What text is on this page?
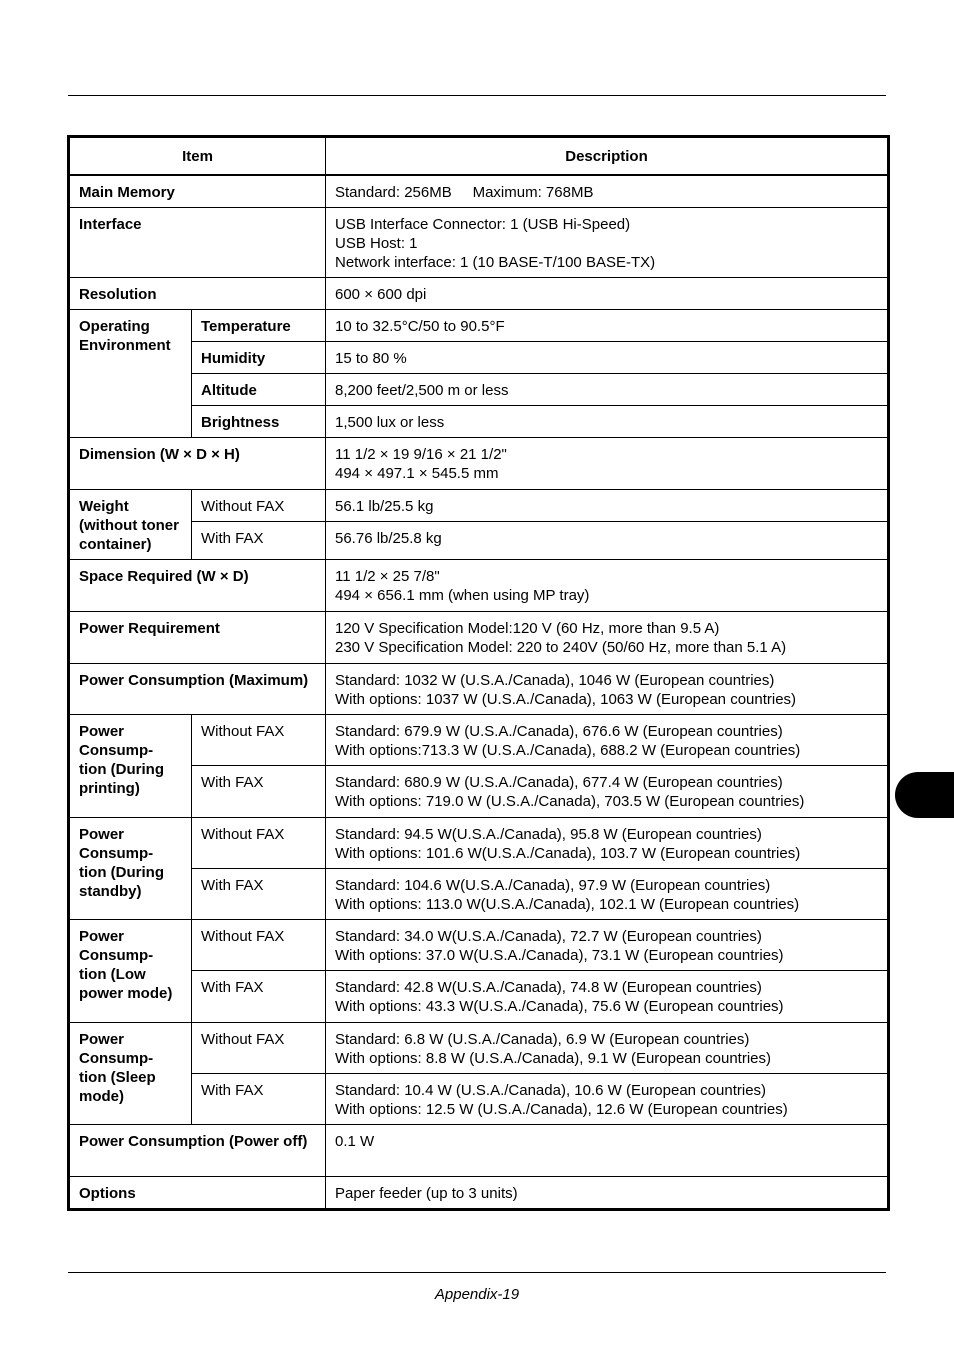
Item		Description
Main Memory		Standard: 256MB     Maximum: 768MB
Interface		USB Interface Connector: 1 (USB Hi-Speed)
USB Host: 1
Network interface: 1 (10 BASE-T/100 BASE-TX)

Resolution		600 × 600 dpi
Operating Environment	Temperature	10 to 32.5°C/50 to 90.5°F
	Humidity	15 to 80 %
	Altitude	8,200 feet/2,500 m or less
	Brightness	1,500 lux or less
Dimension (W × D × H)		11 1/2 × 19 9/16 × 21 1/2"
494 × 497.1 × 545.5 mm

Weight (without toner container)	Without FAX	56.1 lb/25.5 kg
	With FAX	56.76 lb/25.8 kg
Space Required (W × D)		11 1/2 × 25 7/8"
494 × 656.1 mm (when using MP tray)

Power Requirement		120 V Specification Model:120 V (60 Hz, more than 9.5 A)
230 V Specification Model: 220 to 240V (50/60 Hz, more than 5.1 A)

Power Consumption (Maximum)		Standard: 1032 W (U.S.A./Canada), 1046 W (European countries)
With options: 1037 W (U.S.A./Canada), 1063 W (European countries)

Power Consump- tion (During printing)	Without FAX	Standard: 679.9 W (U.S.A./Canada), 676.6 W (European countries)
With options:713.3 W (U.S.A./Canada), 688.2 W (European countries)

	With FAX	Standard: 680.9 W (U.S.A./Canada), 677.4 W (European countries)
With options: 719.0 W (U.S.A./Canada), 703.5 W (European countries)

Power Consump- tion (During standby)	Without FAX	Standard: 94.5 W(U.S.A./Canada), 95.8 W (European countries)
With options: 101.6 W(U.S.A./Canada), 103.7 W (European countries)

	With FAX	Standard: 104.6 W(U.S.A./Canada), 97.9 W (European countries)
With options: 113.0 W(U.S.A./Canada), 102.1 W (European countries)

Power Consump- tion (Low power mode)	Without FAX	Standard: 34.0 W(U.S.A./Canada), 72.7 W (European countries)
With options: 37.0 W(U.S.A./Canada), 73.1 W (European countries)

	With FAX	Standard: 42.8 W(U.S.A./Canada), 74.8 W (European countries)
With options: 43.3 W(U.S.A./Canada), 75.6 W (European countries)

Power Consump- tion (Sleep mode)	Without FAX	Standard: 6.8 W (U.S.A./Canada), 6.9 W (European countries)
With options: 8.8 W (U.S.A./Canada), 9.1 W (European countries)

	With FAX	Standard: 10.4 W (U.S.A./Canada), 10.6 W (European countries)
With options: 12.5 W (U.S.A./Canada), 12.6 W (European countries)

Power Consumption (Power off)		0.1 W
Options		Paper feeder (up to 3 units)
Appendix-19
